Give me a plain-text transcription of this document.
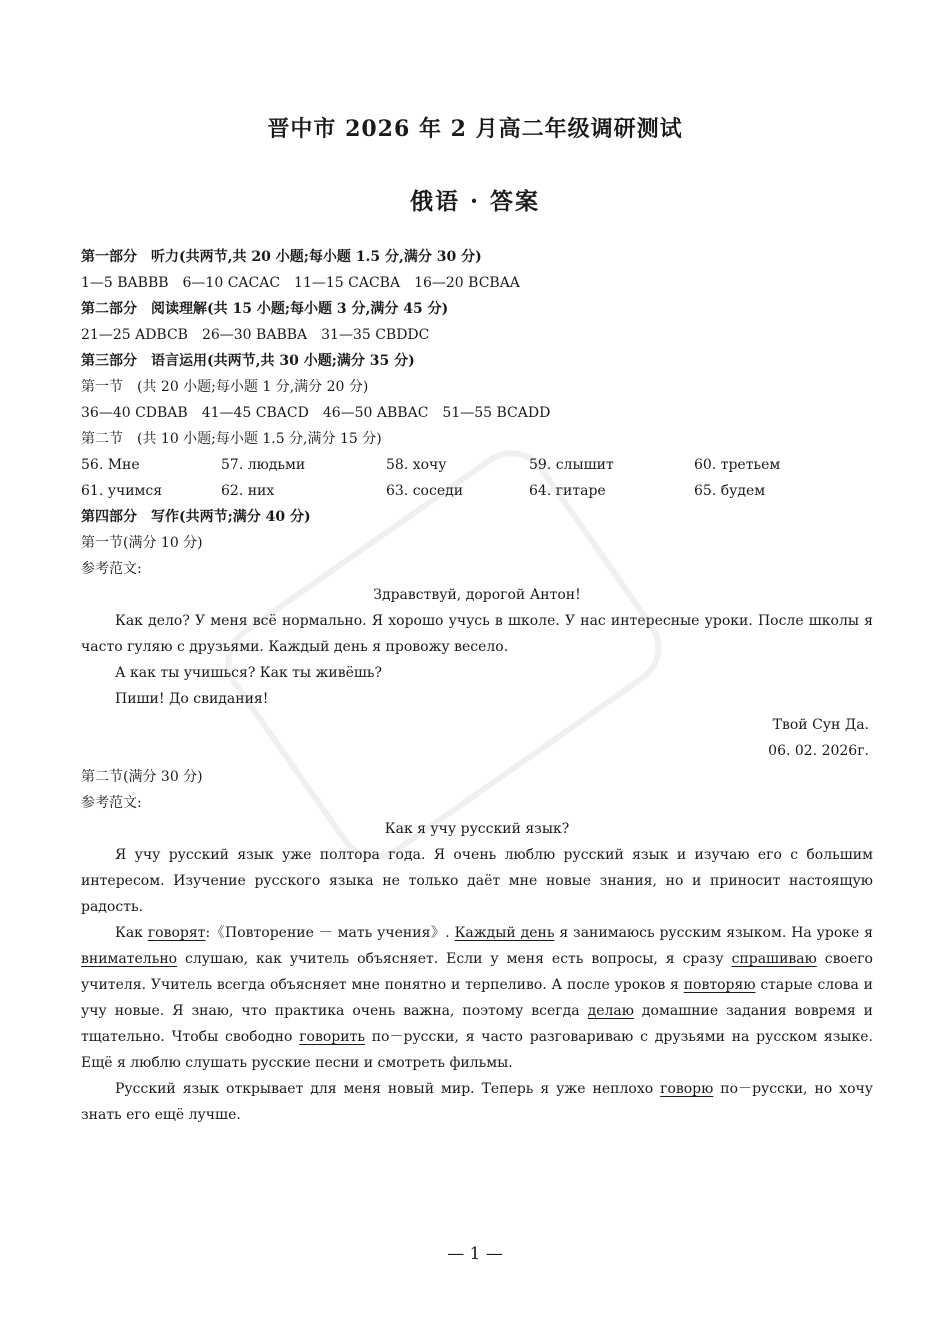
晋中市 2026 年 2 月高二年级调研测试
俄语 · 答案
第一部分　听力(共两节,共 20 小题;每小题 1.5 分,满分 30 分)
1—5 BABBB　6—10 CACAC　11—15 CACBA　16—20 BCBAA
第二部分　阅读理解(共 15 小题;每小题 3 分,满分 45 分)
21—25 ADBCB　26—30 BABBA　31—35 CBDDC
第三部分　语言运用(共两节,共 30 小题;满分 35 分)
第一节　(共 20 小题;每小题 1 分,满分 20 分)
36—40 CDBAB　41—45 CBACD　46—50 ABBAC　51—55 BCADD
第二节　(共 10 小题;每小题 1.5 分,满分 15 分)
56. Мне	57. людьми	58. хочу	59. слышит	60. третьем
61. учимся	62. них	63. соседи	64. гитаре	65. будем
第四部分　写作(共两节;满分 40 分)
第一节(满分 10 分)
参考范文:
Здравствуй, дорогой Антон!

Как дело? У меня всё нормально. Я хорошо учусь в школе. У нас интересные уроки. После школы я часто гуляю с друзьями. Каждый день я провожу весело.

А как ты учишься? Как ты живёшь?

Пиши! До свидания!

Твой Сун Да.
06. 02. 2026г.
第二节(满分 30 分)
参考范文:
Как я учу русский язык?

Я учу русский язык уже полтора года. Я очень люблю русский язык и изучаю его с большим интересом. Изучение русского языка не только даёт мне новые знания, но и приносит настоящую радость.

Как говорят:《Повторение － мать учения》. Каждый день я занимаюсь русским языком. На уроке я внимательно слушаю, как учитель объясняет. Если у меня есть вопросы, я сразу спрашиваю своего учителя. Учитель всегда объясняет мне понятно и терпеливо. А после уроков я повторяю старые слова и учу новые. Я знаю, что практика очень важна, поэтому всегда делаю домашние задания вовремя и тщательно. Чтобы свободно говорить по－русски, я часто разговариваю с друзьями на русском языке. Ещё я люблю слушать русские песни и смотреть фильмы.

Русский язык открывает для меня новый мир. Теперь я уже неплохо говорю по－русски, но хочу знать его ещё лучше.

— 1 —
